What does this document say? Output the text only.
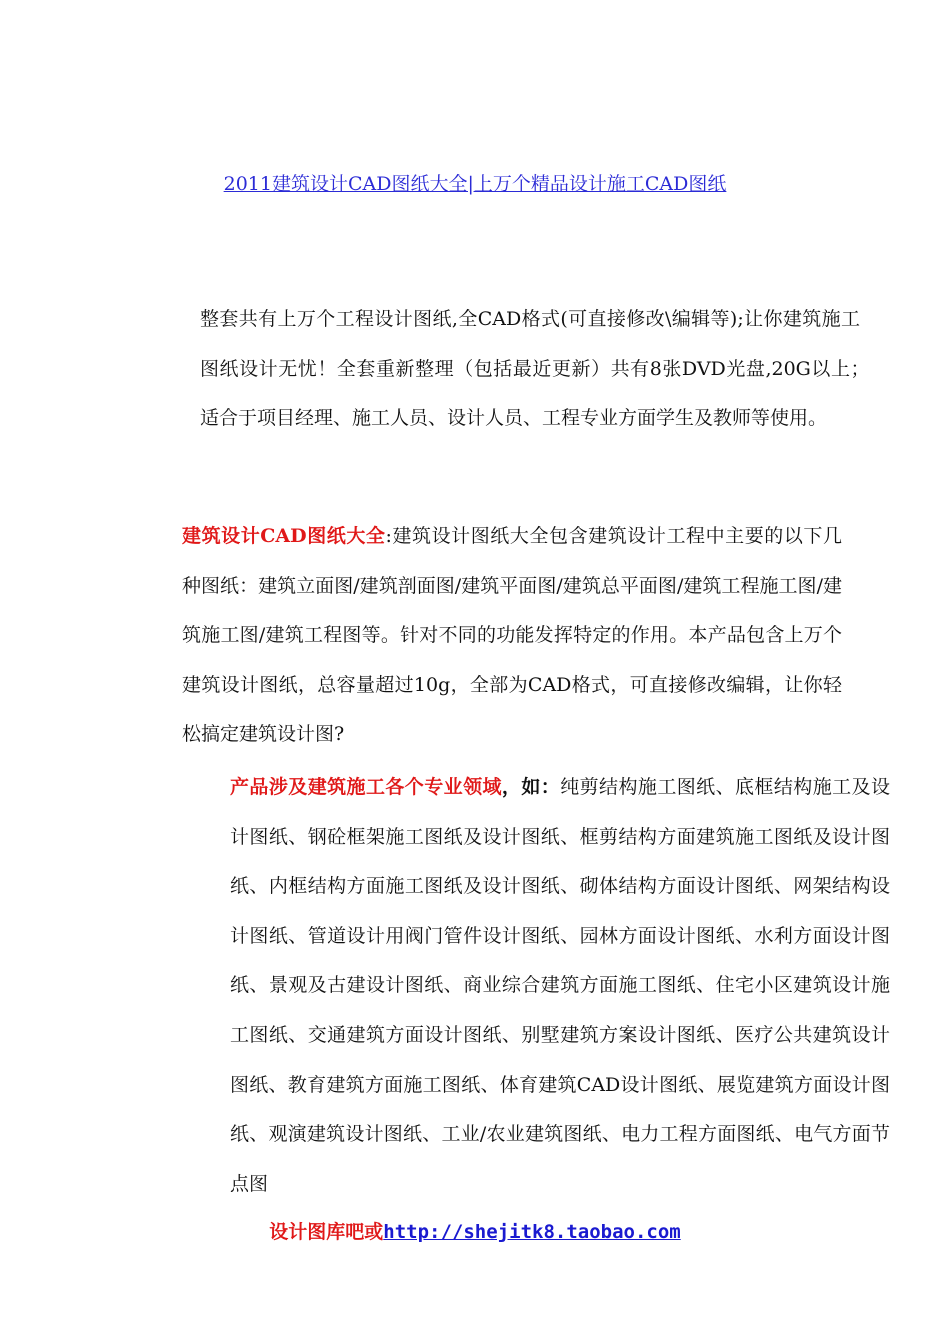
2011建筑设计CAD图纸大全|上万个精品设计施工CAD图纸

整套共有上万个工程设计图纸,全CAD格式(可直接修改\编辑等);让你建筑施工图纸设计无忧！全套重新整理（包括最近更新）共有8张DVD光盘,20G以上；　适合于项目经理、施工人员、设计人员、工程专业方面学生及教师等使用。

建筑设计CAD图纸大全:建筑设计图纸大全包含建筑设计工程中主要的以下几种图纸：建筑立面图/建筑剖面图/建筑平面图/建筑总平面图/建筑工程施工图/建筑施工图/建筑工程图等。针对不同的功能发挥特定的作用。本产品包含上万个建筑设计图纸，总容量超过10g，全部为CAD格式，可直接修改编辑，让你轻松搞定建筑设计图?

产品涉及建筑施工各个专业领域，如：纯剪结构施工图纸、底框结构施工及设计图纸、钢砼框架施工图纸及设计图纸、框剪结构方面建筑施工图纸及设计图纸、内框结构方面施工图纸及设计图纸、砌体结构方面设计图纸、网架结构设计图纸、管道设计用阀门管件设计图纸、园林方面设计图纸、水利方面设计图纸、景观及古建设计图纸、商业综合建筑方面施工图纸、住宅小区建筑设计施工图纸、交通建筑方面设计图纸、别墅建筑方案设计图纸、医疗公共建筑设计图纸、教育建筑方面施工图纸、体育建筑CAD设计图纸、展览建筑方面设计图纸、观演建筑设计图纸、工业/农业建筑图纸、电力工程方面图纸、电气方面节点图

设计图库吧或http://shejitk8.taobao.com
